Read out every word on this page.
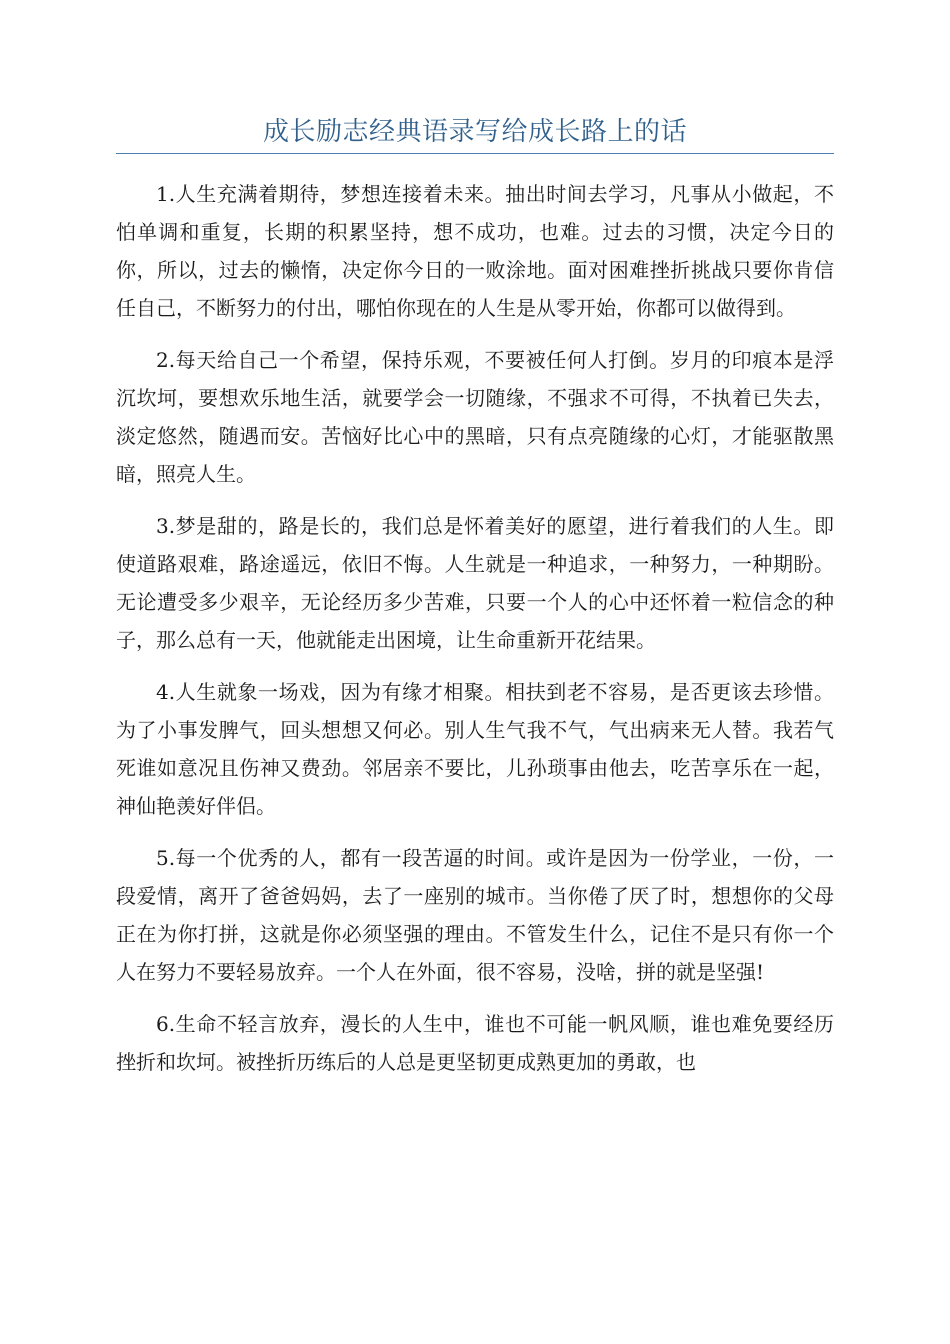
成长励志经典语录写给成长路上的话

1.人生充满着期待，梦想连接着未来。抽出时间去学习，凡事从小做起，不怕单调和重复，长期的积累坚持，想不成功，也难。过去的习惯，决定今日的你，所以，过去的懒惰，决定你今日的一败涂地。面对困难挫折挑战只要你肯信任自己，不断努力的付出，哪怕你现在的人生是从零开始，你都可以做得到。

2.每天给自己一个希望，保持乐观，不要被任何人打倒。岁月的印痕本是浮沉坎坷，要想欢乐地生活，就要学会一切随缘，不强求不可得，不执着已失去，淡定悠然，随遇而安。苦恼好比心中的黑暗，只有点亮随缘的心灯，才能驱散黑暗，照亮人生。

3.梦是甜的，路是长的，我们总是怀着美好的愿望，进行着我们的人生。即使道路艰难，路途遥远，依旧不悔。人生就是一种追求，一种努力，一种期盼。无论遭受多少艰辛，无论经历多少苦难，只要一个人的心中还怀着一粒信念的种子，那么总有一天，他就能走出困境，让生命重新开花结果。

4.人生就象一场戏，因为有缘才相聚。相扶到老不容易，是否更该去珍惜。为了小事发脾气，回头想想又何必。别人生气我不气，气出病来无人替。我若气死谁如意况且伤神又费劲。邻居亲不要比，儿孙琐事由他去，吃苦享乐在一起，神仙艳羡好伴侣。

5.每一个优秀的人，都有一段苦逼的时间。或许是因为一份学业，一份，一段爱情，离开了爸爸妈妈，去了一座别的城市。当你倦了厌了时，想想你的父母正在为你打拼，这就是你必须坚强的理由。不管发生什么，记住不是只有你一个人在努力不要轻易放弃。一个人在外面，很不容易，没啥，拼的就是坚强!

6.生命不轻言放弃，漫长的人生中，谁也不可能一帆风顺，谁也难免要经历挫折和坎坷。被挫折历练后的人总是更坚韧更成熟更加的勇敢，也
